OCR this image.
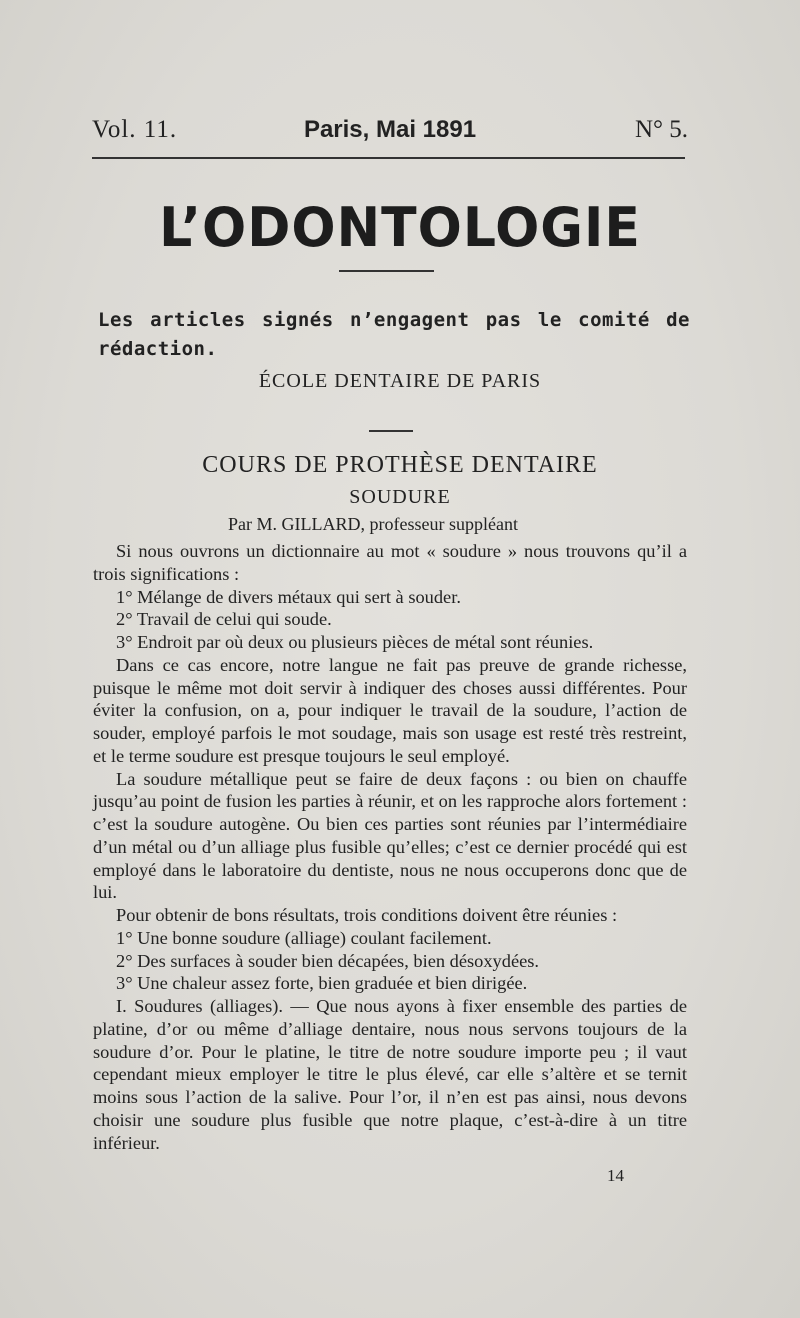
Vol. 11.	Paris, Mai 1891	N° 5.
L’ODONTOLOGIE
Les articles signés n’engagent pas le comité de rédaction.
ÉCOLE DENTAIRE DE PARIS
COURS DE PROTHÈSE DENTAIRE
SOUDURE
Par M. GILLARD, professeur suppléant

Si nous ouvrons un dictionnaire au mot « soudure » nous trouvons qu’il a trois significations :

1° Mélange de divers métaux qui sert à souder.

2° Travail de celui qui soude.

3° Endroit par où deux ou plusieurs pièces de métal sont réunies.

Dans ce cas encore, notre langue ne fait pas preuve de grande richesse, puisque le même mot doit servir à indiquer des choses aussi différentes. Pour éviter la confusion, on a, pour indiquer le travail de la soudure, l’action de souder, employé parfois le mot soudage, mais son usage est resté très restreint, et le terme soudure est presque toujours le seul employé.

La soudure métallique peut se faire de deux façons : ou bien on chauffe jusqu’au point de fusion les parties à réunir, et on les rapproche alors fortement : c’est la soudure autogène. Ou bien ces parties sont réunies par l’intermédiaire d’un métal ou d’un alliage plus fusible qu’elles; c’est ce dernier procédé qui est employé dans le laboratoire du dentiste, nous ne nous occuperons donc que de lui.

Pour obtenir de bons résultats, trois conditions doivent être réunies :

1° Une bonne soudure (alliage) coulant facilement.

2° Des surfaces à souder bien décapées, bien désoxydées.

3° Une chaleur assez forte, bien graduée et bien dirigée.

I. Soudures (alliages). — Que nous ayons à fixer ensemble des parties de platine, d’or ou même d’alliage dentaire, nous nous servons toujours de la soudure d’or. Pour le platine, le titre de notre soudure importe peu ; il vaut cependant mieux employer le titre le plus élevé, car elle s’altère et se ternit moins sous l’action de la salive. Pour l’or, il n’en est pas ainsi, nous devons choisir une soudure plus fusible que notre plaque, c’est-à-dire à un titre inférieur.

14
